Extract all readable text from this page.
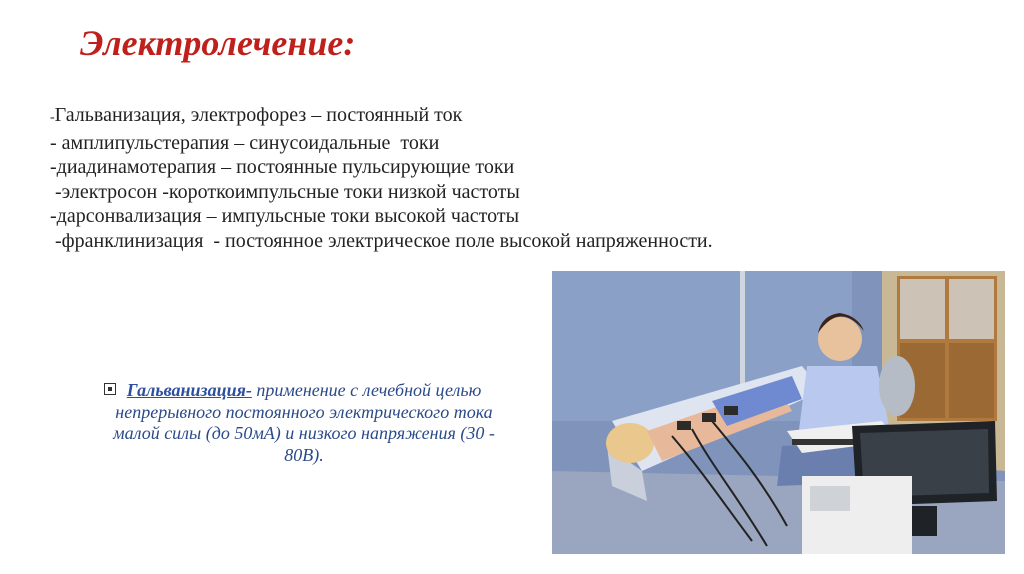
Электролечение:
-Гальванизация, электрофорез – постоянный ток
- амплипульстерапия – синусоидальные  токи
-диадинамотерапия – постоянные пульсирующие токи
-электросон -короткоимпульсные токи низкой частоты
-дарсонвализация – импульсные токи высокой частоты
-франклинизация  - постоянное электрическое поле высокой напряженности.
Гальванизация- применение с лечебной целью непрерывного постоянного электрического тока малой силы (до 50мА) и низкого напряжения (30 - 80В).
